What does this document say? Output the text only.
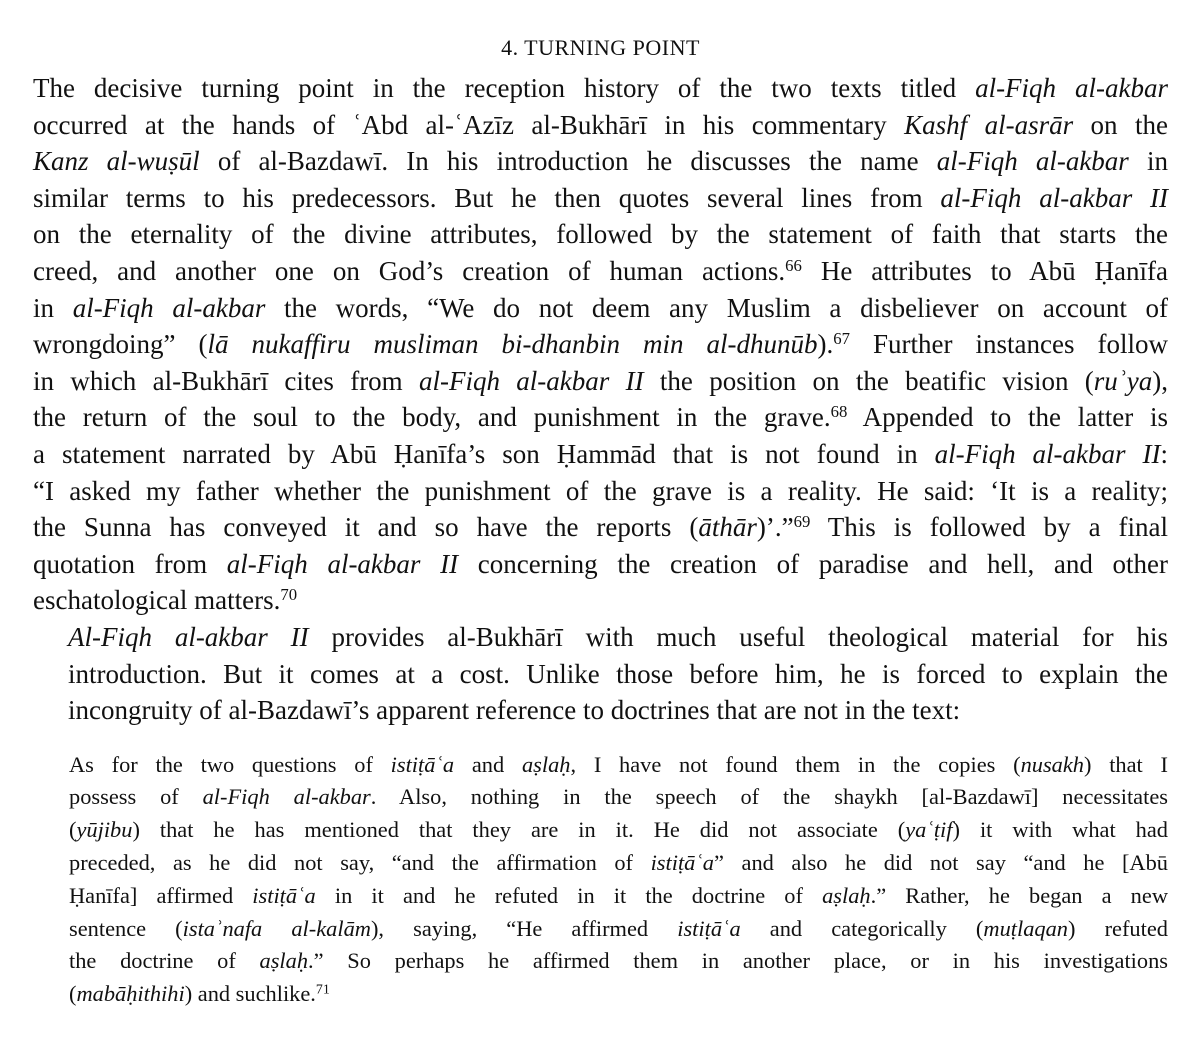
4. TURNING POINT

The decisive turning point in the reception history of the two texts titled al-Fiqh al-akbar
occurred at the hands of ʿAbd al-ʿAzīz al-Bukhārī in his commentary Kashf al-asrār on the
Kanz al-wuṣūl of al-Bazdawī. In his introduction he discusses the name al-Fiqh al-akbar in
similar terms to his predecessors. But he then quotes several lines from al-Fiqh al-akbar II
on the eternality of the divine attributes, followed by the statement of faith that starts the
creed, and another one on God’s creation of human actions.$^{66}$ He attributes to Abū Ḥanīfa
in al-Fiqh al-akbar the words, “We do not deem any Muslim a disbeliever on account of
wrongdoing” (lā nukaffiru musliman bi-dhanbin min al-dhunūb).$^{67}$ Further instances follow
in which al-Bukhārī cites from al-Fiqh al-akbar II the position on the beatific vision (ruʾya),
the return of the soul to the body, and punishment in the grave.$^{68}$ Appended to the latter is
a statement narrated by Abū Ḥanīfa’s son Ḥammād that is not found in al-Fiqh al-akbar II:
“I asked my father whether the punishment of the grave is a reality. He said: ‘It is a reality;
the Sunna has conveyed it and so have the reports (āthār)’.”$^{69}$ This is followed by a final
quotation from al-Fiqh al-akbar II concerning the creation of paradise and hell, and other
eschatological matters.$^{70}$

Al-Fiqh al-akbar II provides al-Bukhārī with much useful theological material for his
introduction. But it comes at a cost. Unlike those before him, he is forced to explain the
incongruity of al-Bazdawī’s apparent reference to doctrines that are not in the text:

As for the two questions of istiṭāʿa and aṣlaḥ, I have not found them in the copies (nusakh) that I
possess of al-Fiqh al-akbar. Also, nothing in the speech of the shaykh [al-Bazdawī] necessitates
(yūjibu) that he has mentioned that they are in it. He did not associate (yaʿṭif) it with what had
preceded, as he did not say, “and the affirmation of istiṭāʿa” and also he did not say “and he [Abū
Ḥanīfa] affirmed istiṭāʿa in it and he refuted in it the doctrine of aṣlaḥ.” Rather, he began a new
sentence (istaʾnafa al-kalām), saying, “He affirmed istiṭāʿa and categorically (muṭlaqan) refuted
the doctrine of aṣlaḥ.” So perhaps he affirmed them in another place, or in his investigations
(mabāḥithihi) and suchlike.$^{71}$
